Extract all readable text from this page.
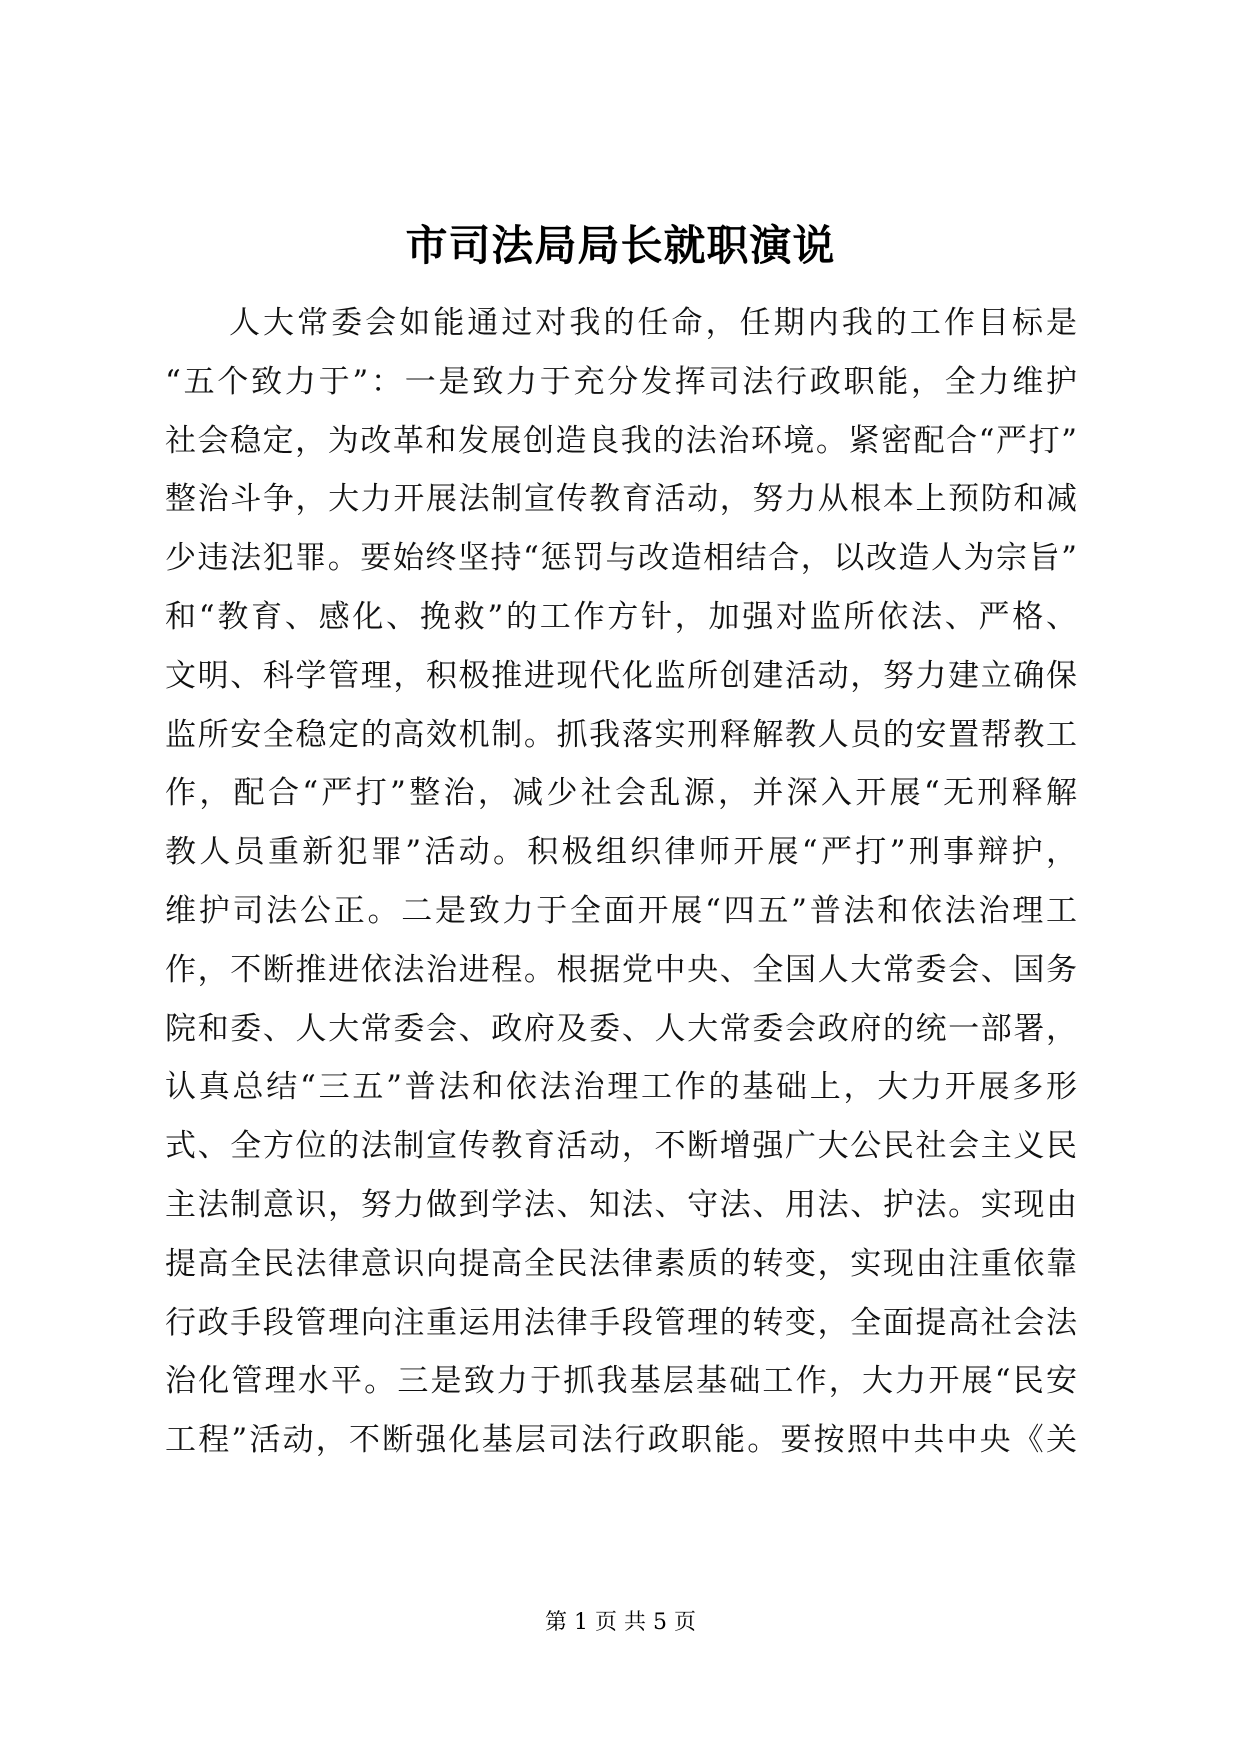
市司法局局长就职演说
人大常委会如能通过对我的任命，任期内我的工作目标是
“五个致力于”：一是致力于充分发挥司法行政职能，全力维护
社会稳定，为改革和发展创造良我的法治环境。紧密配合“严打”
整治斗争，大力开展法制宣传教育活动，努力从根本上预防和减
少违法犯罪。要始终坚持“惩罚与改造相结合，以改造人为宗旨”
和“教育、感化、挽救”的工作方针，加强对监所依法、严格、
文明、科学管理，积极推进现代化监所创建活动，努力建立确保
监所安全稳定的高效机制。抓我落实刑释解教人员的安置帮教工
作，配合“严打”整治，减少社会乱源，并深入开展“无刑释解
教人员重新犯罪”活动。积极组织律师开展“严打”刑事辩护，
维护司法公正。二是致力于全面开展“四五”普法和依法治理工
作，不断推进依法治进程。根据党中央、全国人大常委会、国务
院和委、人大常委会、政府及委、人大常委会政府的统一部署，
认真总结“三五”普法和依法治理工作的基础上，大力开展多形
式、全方位的法制宣传教育活动，不断增强广大公民社会主义民
主法制意识，努力做到学法、知法、守法、用法、护法。实现由
提高全民法律意识向提高全民法律素质的转变，实现由注重依靠
行政手段管理向注重运用法律手段管理的转变，全面提高社会法
治化管理水平。三是致力于抓我基层基础工作，大力开展“民安
工程”活动，不断强化基层司法行政职能。要按照中共中央《关
第 1 页 共 5 页
